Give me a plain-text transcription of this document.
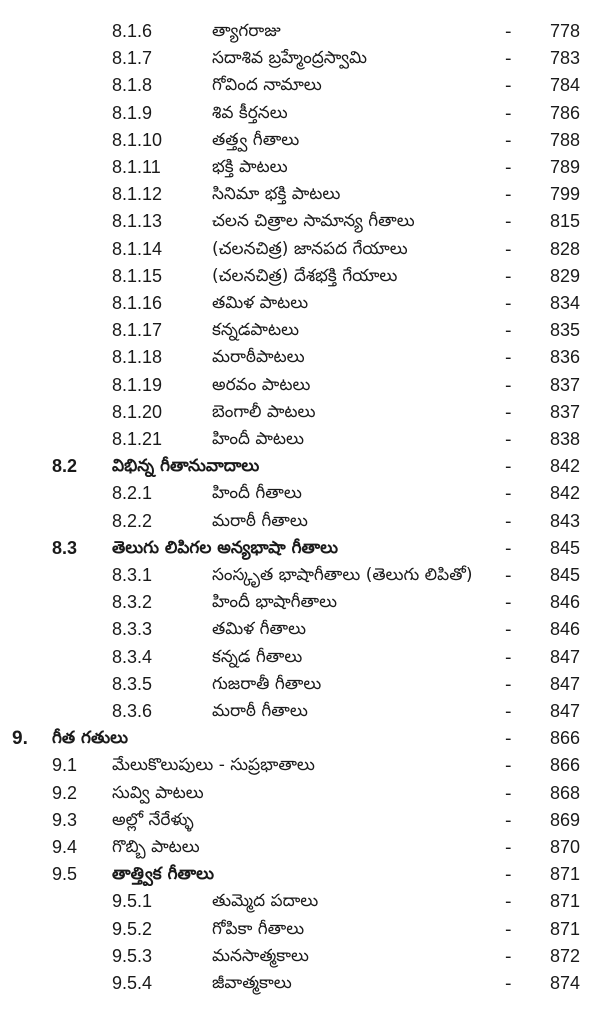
8.1.6	త్యాగరాజు	- 778
8.1.7	సదాశివ బ్రహ్మేంద్రస్వామి	- 783
8.1.8	గోవింద నామాలు	- 784
8.1.9	శివ కీర్తనలు	- 786
8.1.10	తత్త్వ గీతాలు	- 788
8.1.11	భక్తి పాటలు	- 789
8.1.12	సినిమా భక్తి పాటలు	- 799
8.1.13	చలన చిత్రాల సామాన్య గీతాలు	- 815
8.1.14	(చలనచిత్ర) జానపద గేయాలు	- 828
8.1.15	(చలనచిత్ర) దేశభక్తి గేయాలు	- 829
8.1.16	తమిళ పాటలు	- 834
8.1.17	కన్నడపాటలు	- 835
8.1.18	మరాఠీపాటలు	- 836
8.1.19	అరవం పాటలు	- 837
8.1.20	బెంగాలీ పాటలు	- 837
8.1.21	హిందీ పాటలు	- 838
8.2 విభిన్న గీతానువాదాలు	- 842
8.2.1	హిందీ గీతాలు	- 842
8.2.2	మరాఠీ గీతాలు	- 843
8.3 తెలుగు లిపిగల అన్యభాషా గీతాలు	- 845
8.3.1	సంస్కృత భాషాగీతాలు (తెలుగు లిపితో) - 845
8.3.2	హిందీ భాషాగీతాలు	- 846
8.3.3	తమిళ గీతాలు	- 846
8.3.4	కన్నడ గీతాలు	- 847
8.3.5	గుజరాతీ గీతాలు	- 847
8.3.6	మరాఠీ గీతాలు	- 847
9. గీత గతులు	- 866
9.1 మేలుకొలుపులు - సుప్రభాతాలు	- 866
9.2 సువ్వి పాటలు	- 868
9.3 అల్లో నేరేళ్ళు	- 869
9.4 గొబ్బి పాటలు	- 870
9.5 తాత్త్విక గీతాలు	- 871
9.5.1	తుమ్మెద పదాలు	- 871
9.5.2	గోపికా గీతాలు	- 871
9.5.3	మనసాత్మకాలు	- 872
9.5.4	జీవాత్మకాలు	- 874
